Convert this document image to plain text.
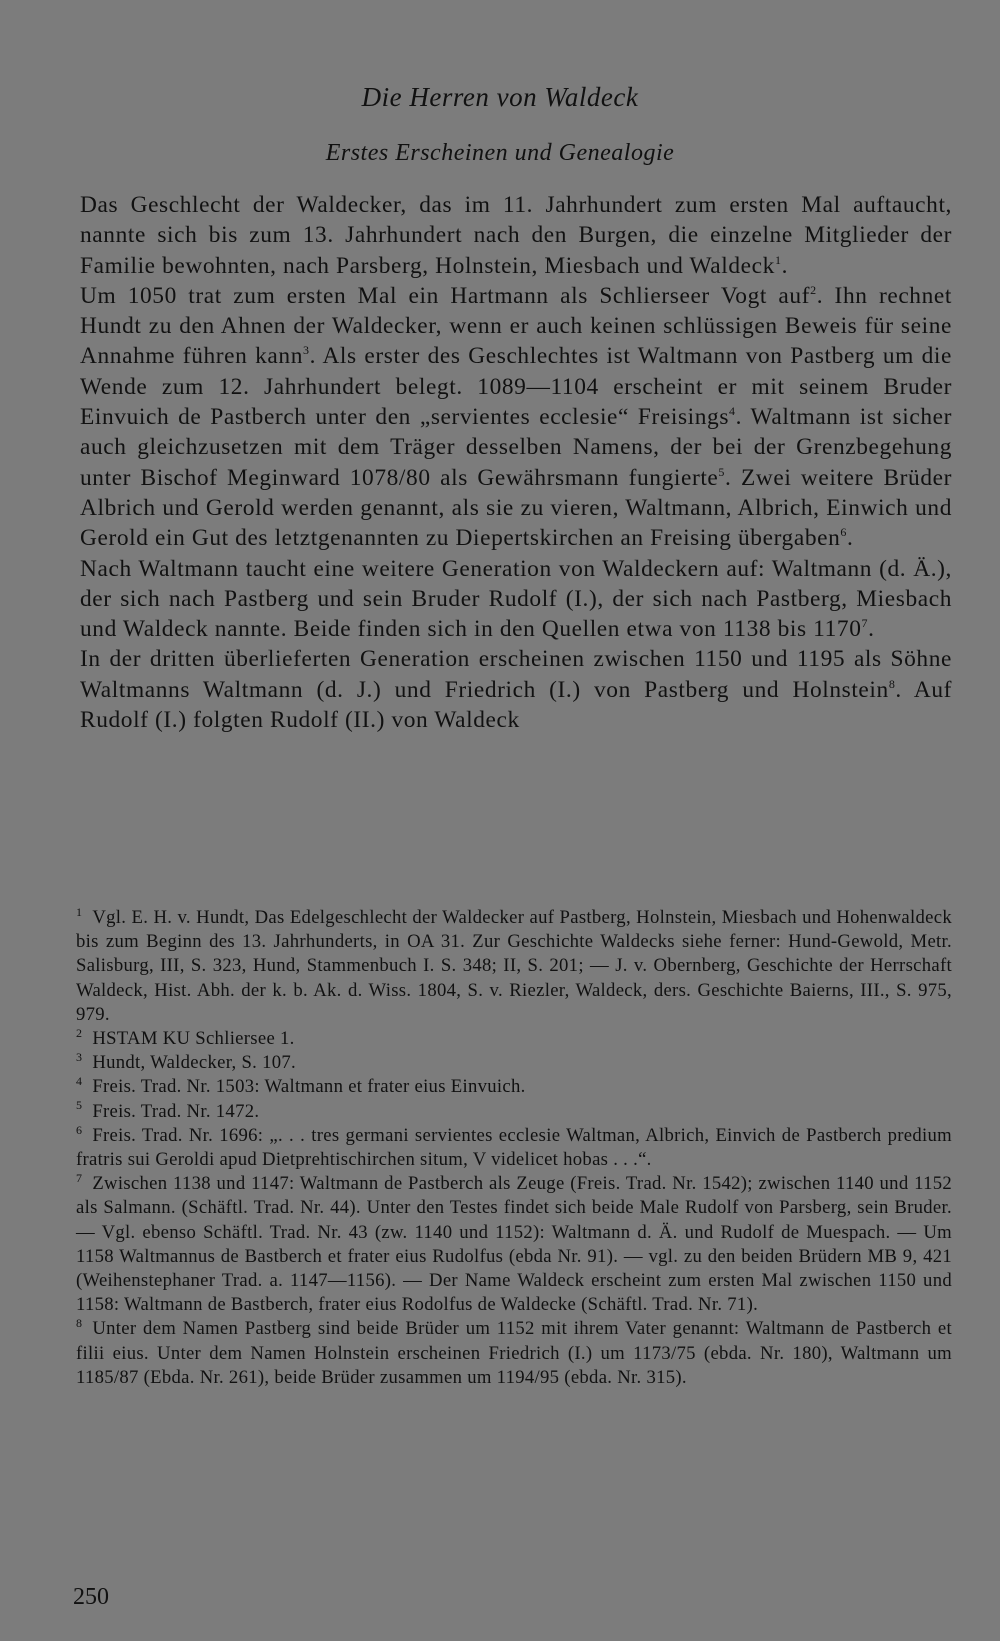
Die Herren von Waldeck
Erstes Erscheinen und Genealogie

Das Geschlecht der Waldecker, das im 11. Jahrhundert zum ersten Mal auftaucht, nannte sich bis zum 13. Jahrhundert nach den Burgen, die einzelne Mitglieder der Familie bewohnten, nach Parsberg, Holnstein, Miesbach und Waldeck$^1$.

Um 1050 trat zum ersten Mal ein Hartmann als Schlierseer Vogt auf$^2$. Ihn rechnet Hundt zu den Ahnen der Waldecker, wenn er auch keinen schlüssigen Beweis für seine Annahme führen kann$^3$. Als erster des Geschlechtes ist Waltmann von Pastberg um die Wende zum 12. Jahrhundert belegt. 1089—1104 erscheint er mit seinem Bruder Einvuich de Pastberch unter den „servientes ecclesie“ Freisings$^4$. Waltmann ist sicher auch gleichzusetzen mit dem Träger desselben Namens, der bei der Grenzbegehung unter Bischof Meginward 1078/80 als Gewährsmann fungierte$^5$. Zwei weitere Brüder Albrich und Gerold werden genannt, als sie zu vieren, Waltmann, Albrich, Einwich und Gerold ein Gut des letztgenannten zu Diepertskirchen an Freising übergaben$^6$.

Nach Waltmann taucht eine weitere Generation von Waldeckern auf: Waltmann (d. Ä.), der sich nach Pastberg und sein Bruder Rudolf (I.), der sich nach Pastberg, Miesbach und Waldeck nannte. Beide finden sich in den Quellen etwa von 1138 bis 1170$^7$.

In der dritten überlieferten Generation erscheinen zwischen 1150 und 1195 als Söhne Waltmanns Waltmann (d. J.) und Friedrich (I.) von Pastberg und Holnstein$^8$. Auf Rudolf (I.) folgten Rudolf (II.) von Waldeck

$^1$ Vgl. E. H. v. Hundt, Das Edelgeschlecht der Waldecker auf Pastberg, Holnstein, Miesbach und Hohenwaldeck bis zum Beginn des 13. Jahrhunderts, in OA 31. Zur Geschichte Waldecks siehe ferner: Hund-Gewold, Metr. Salisburg, III, S. 323, Hund, Stammenbuch I. S. 348; II, S. 201; — J. v. Obernberg, Geschichte der Herrschaft Waldeck, Hist. Abh. der k. b. Ak. d. Wiss. 1804, S. v. Riezler, Waldeck, ders. Geschichte Baierns, III., S. 975, 979.

$^2$ HSTAM KU Schliersee 1.

$^3$ Hundt, Waldecker, S. 107.

$^4$ Freis. Trad. Nr. 1503: Waltmann et frater eius Einvuich.

$^5$ Freis. Trad. Nr. 1472.

$^6$ Freis. Trad. Nr. 1696: „. . . tres germani servientes ecclesie Waltman, Albrich, Einvich de Pastberch predium fratris sui Geroldi apud Dietprehtischirchen situm, V videlicet hobas . . .“.

$^7$ Zwischen 1138 und 1147: Waltmann de Pastberch als Zeuge (Freis. Trad. Nr. 1542); zwischen 1140 und 1152 als Salmann. (Schäftl. Trad. Nr. 44). Unter den Testes findet sich beide Male Rudolf von Parsberg, sein Bruder. — Vgl. ebenso Schäftl. Trad. Nr. 43 (zw. 1140 und 1152): Waltmann d. Ä. und Rudolf de Muespach. — Um 1158 Waltmannus de Bastberch et frater eius Rudolfus (ebda Nr. 91). — vgl. zu den beiden Brüdern MB 9, 421 (Weihenstephaner Trad. a. 1147—1156). — Der Name Waldeck erscheint zum ersten Mal zwischen 1150 und 1158: Waltmann de Bastberch, frater eius Rodolfus de Waldecke (Schäftl. Trad. Nr. 71).

$^8$ Unter dem Namen Pastberg sind beide Brüder um 1152 mit ihrem Vater genannt: Waltmann de Pastberch et filii eius. Unter dem Namen Holnstein erscheinen Friedrich (I.) um 1173/75 (ebda. Nr. 180), Waltmann um 1185/87 (Ebda. Nr. 261), beide Brüder zusammen um 1194/95 (ebda. Nr. 315).

250
